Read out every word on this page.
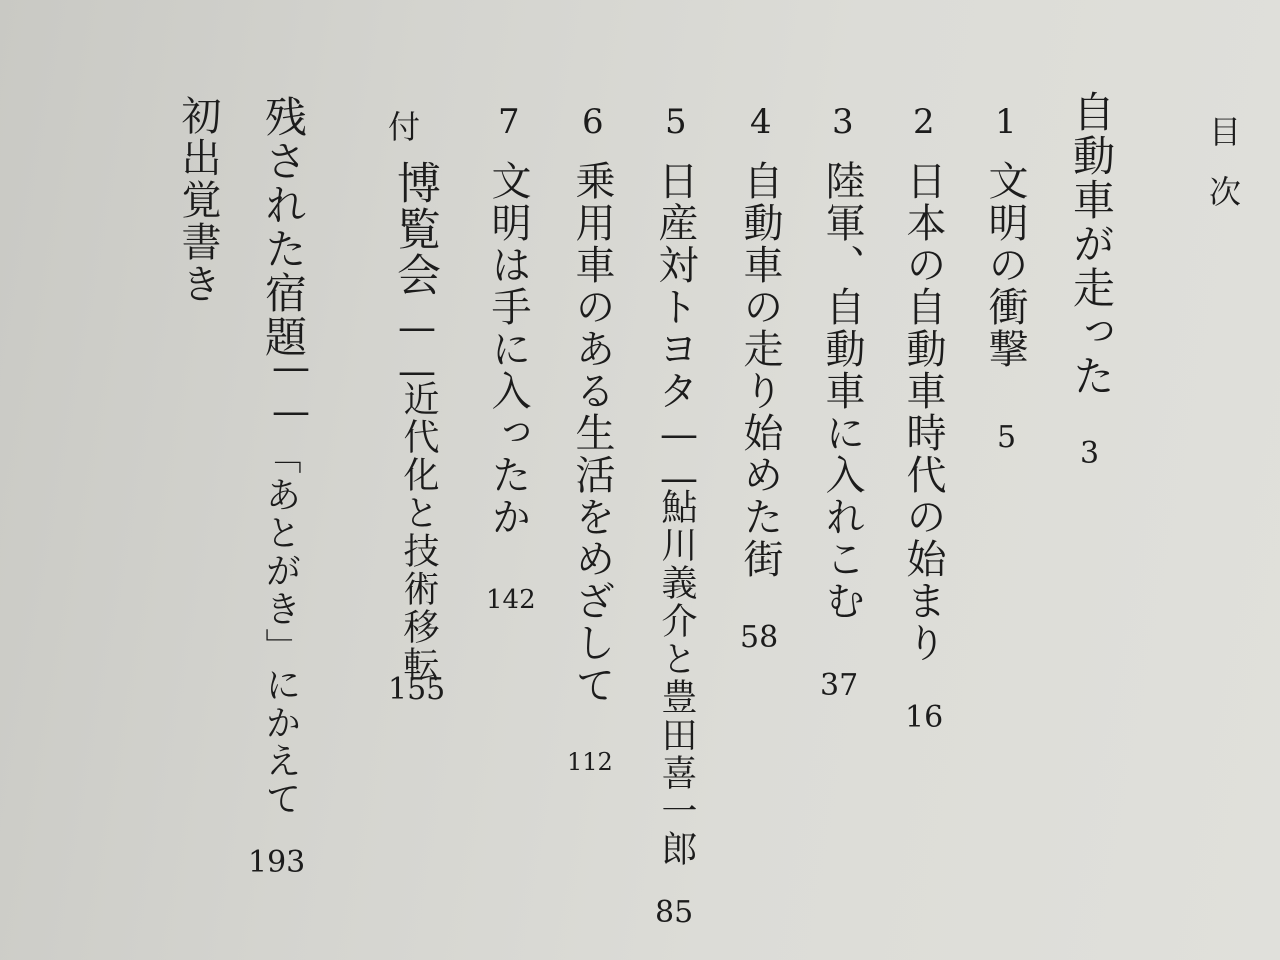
目次
自動車が走った
3
1
文明の衝撃
5
2
日本の自動車時代の始まり
16
3
陸軍、自動車に入れこむ
37
4
自動車の走り始めた街
58
5
日産対トヨタ
——
鮎川義介と豊田喜一郎
85
6
乗用車のある生活をめざして
112
7
文明は手に入ったか
142
付
博覧会
——
近代化と技術移転
155
残された宿題
——
「あとがき」にかえて
193
初出覚書き
